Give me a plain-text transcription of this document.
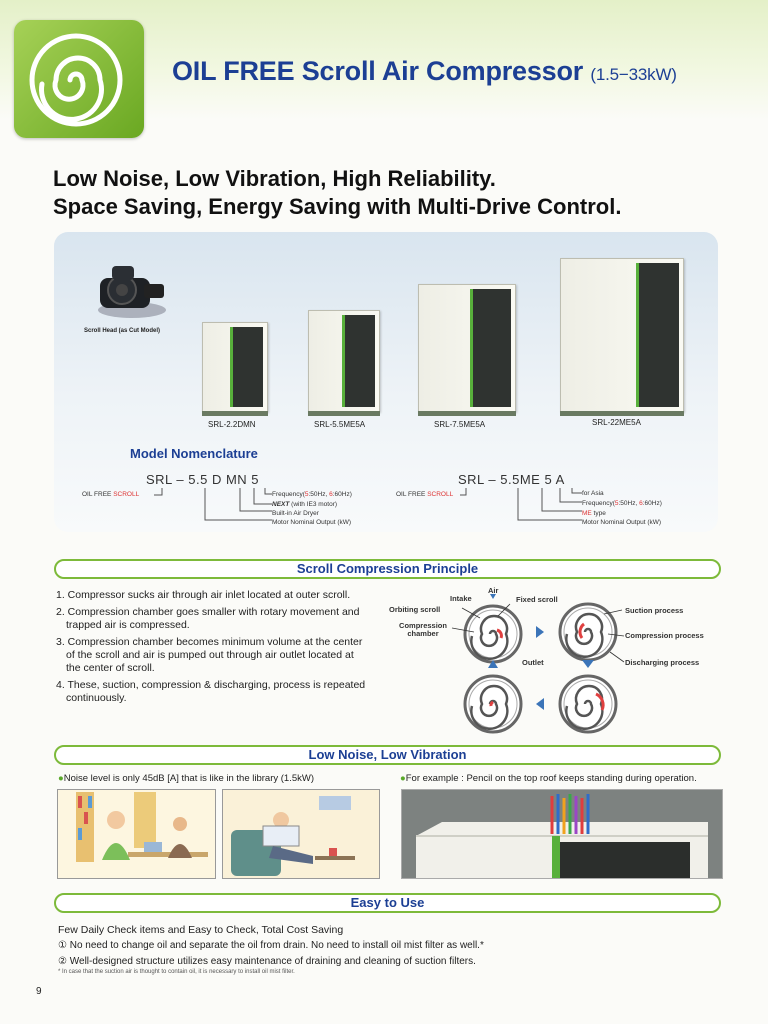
OIL FREE Scroll Air Compressor (1.5−33kW)
Low Noise, Low Vibration, High Reliability.
Space Saving, Energy Saving with Multi-Drive Control.
Scroll Head (as Cut Model)
SRL-2.2DMN	SRL-5.5ME5A	SRL-7.5ME5A	SRL-22ME5A
Model Nomenclature
SRL – 5.5 D MN 5
OIL FREE SCROLL	Frequency(5:50Hz, 6:60Hz)
NEXT (with IE3 motor)
Built-in Air Dryer
Motor Nominal Output (kW)
SRL – 5.5ME 5 A
OIL FREE SCROLL	for Asia
Frequency(5:50Hz, 6:60Hz)
ME type
Motor Nominal Output (kW)
Scroll Compression Principle
1. Compressor sucks air through air inlet located at outer scroll.
2. Compression chamber goes smaller with rotary movement and trapped air is compressed.
3. Compression chamber becomes minimum volume at the center of the scroll and air is pumped out through air outlet located at the center of scroll.
4. These, suction, compression & discharging, process is repeated continuously.
Air
Intake	Fixed scroll
Orbiting scroll
Compression chamber
Outlet
Suction process
Compression process
Discharging process
Low Noise, Low Vibration
●Noise level is only 45dB [A] that is like in the library (1.5kW)	●For example : Pencil on the top roof keeps standing during operation.
Easy to Use
Few Daily Check items and Easy to Check, Total Cost Saving
① No need to change oil and separate the oil from drain. No need to install oil mist filter as well.*
② Well-designed structure utilizes easy maintenance of draining and cleaning of suction filters.
* In case that the suction air is thought to contain oil, it is necessary to install oil mist filter.
9
